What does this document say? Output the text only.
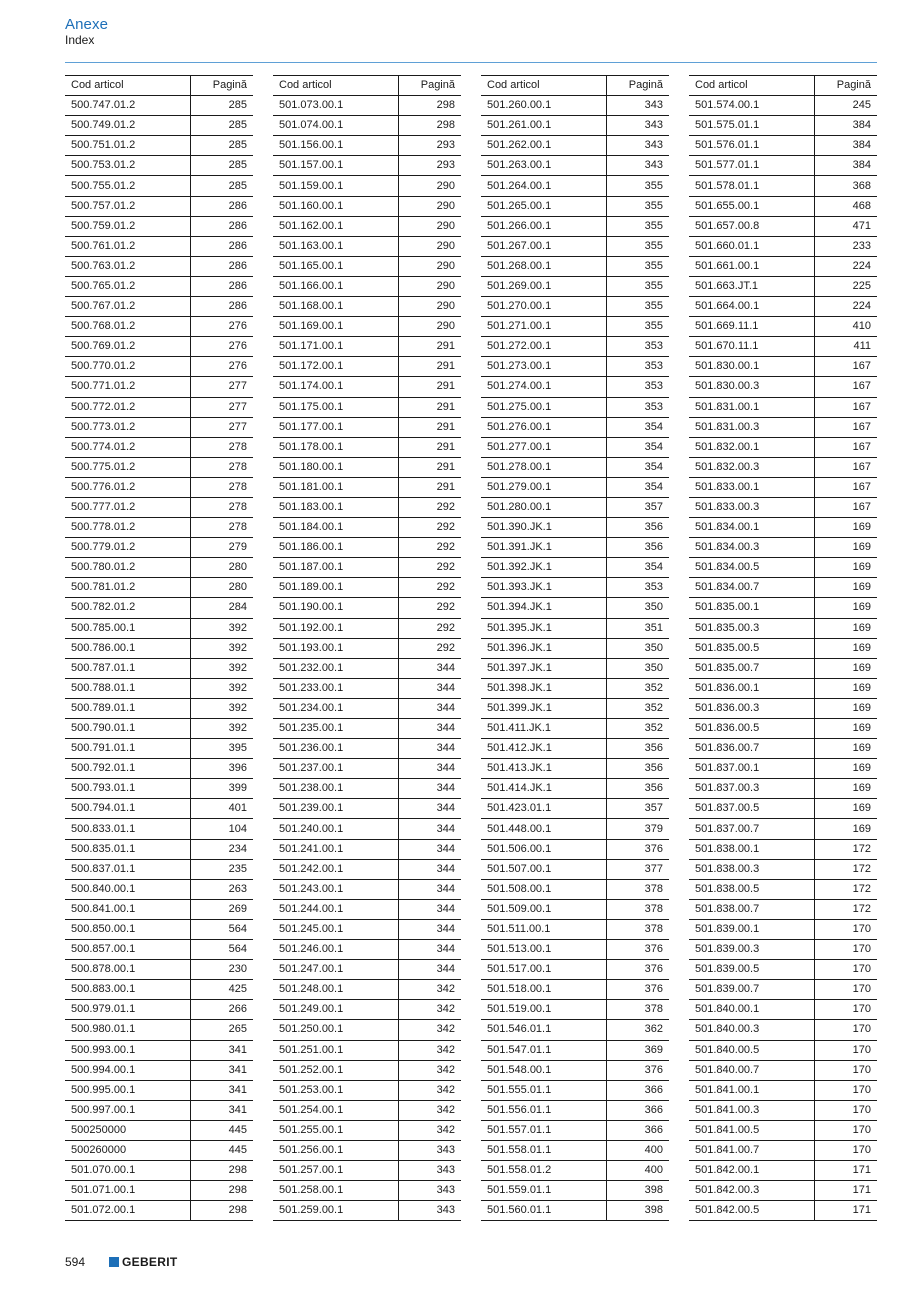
Anexe
Index
Cod articol	Pagină
500.747.01.2	285
500.749.01.2	285
500.751.01.2	285
500.753.01.2	285
500.755.01.2	285
500.757.01.2	286
500.759.01.2	286
500.761.01.2	286
500.763.01.2	286
500.765.01.2	286
500.767.01.2	286
500.768.01.2	276
500.769.01.2	276
500.770.01.2	276
500.771.01.2	277
500.772.01.2	277
500.773.01.2	277
500.774.01.2	278
500.775.01.2	278
500.776.01.2	278
500.777.01.2	278
500.778.01.2	278
500.779.01.2	279
500.780.01.2	280
500.781.01.2	280
500.782.01.2	284
500.785.00.1	392
500.786.00.1	392
500.787.01.1	392
500.788.01.1	392
500.789.01.1	392
500.790.01.1	392
500.791.01.1	395
500.792.01.1	396
500.793.01.1	399
500.794.01.1	401
500.833.01.1	104
500.835.01.1	234
500.837.01.1	235
500.840.00.1	263
500.841.00.1	269
500.850.00.1	564
500.857.00.1	564
500.878.00.1	230
500.883.00.1	425
500.979.01.1	266
500.980.01.1	265
500.993.00.1	341
500.994.00.1	341
500.995.00.1	341
500.997.00.1	341
500250000	445
500260000	445
501.070.00.1	298
501.071.00.1	298
501.072.00.1	298
Cod articol	Pagină
501.073.00.1	298
501.074.00.1	298
501.156.00.1	293
501.157.00.1	293
501.159.00.1	290
501.160.00.1	290
501.162.00.1	290
501.163.00.1	290
501.165.00.1	290
501.166.00.1	290
501.168.00.1	290
501.169.00.1	290
501.171.00.1	291
501.172.00.1	291
501.174.00.1	291
501.175.00.1	291
501.177.00.1	291
501.178.00.1	291
501.180.00.1	291
501.181.00.1	291
501.183.00.1	292
501.184.00.1	292
501.186.00.1	292
501.187.00.1	292
501.189.00.1	292
501.190.00.1	292
501.192.00.1	292
501.193.00.1	292
501.232.00.1	344
501.233.00.1	344
501.234.00.1	344
501.235.00.1	344
501.236.00.1	344
501.237.00.1	344
501.238.00.1	344
501.239.00.1	344
501.240.00.1	344
501.241.00.1	344
501.242.00.1	344
501.243.00.1	344
501.244.00.1	344
501.245.00.1	344
501.246.00.1	344
501.247.00.1	344
501.248.00.1	342
501.249.00.1	342
501.250.00.1	342
501.251.00.1	342
501.252.00.1	342
501.253.00.1	342
501.254.00.1	342
501.255.00.1	342
501.256.00.1	343
501.257.00.1	343
501.258.00.1	343
501.259.00.1	343
Cod articol	Pagină
501.260.00.1	343
501.261.00.1	343
501.262.00.1	343
501.263.00.1	343
501.264.00.1	355
501.265.00.1	355
501.266.00.1	355
501.267.00.1	355
501.268.00.1	355
501.269.00.1	355
501.270.00.1	355
501.271.00.1	355
501.272.00.1	353
501.273.00.1	353
501.274.00.1	353
501.275.00.1	353
501.276.00.1	354
501.277.00.1	354
501.278.00.1	354
501.279.00.1	354
501.280.00.1	357
501.390.JK.1	356
501.391.JK.1	356
501.392.JK.1	354
501.393.JK.1	353
501.394.JK.1	350
501.395.JK.1	351
501.396.JK.1	350
501.397.JK.1	350
501.398.JK.1	352
501.399.JK.1	352
501.411.JK.1	352
501.412.JK.1	356
501.413.JK.1	356
501.414.JK.1	356
501.423.01.1	357
501.448.00.1	379
501.506.00.1	376
501.507.00.1	377
501.508.00.1	378
501.509.00.1	378
501.511.00.1	378
501.513.00.1	376
501.517.00.1	376
501.518.00.1	376
501.519.00.1	378
501.546.01.1	362
501.547.01.1	369
501.548.00.1	376
501.555.01.1	366
501.556.01.1	366
501.557.01.1	366
501.558.01.1	400
501.558.01.2	400
501.559.01.1	398
501.560.01.1	398
Cod articol	Pagină
501.574.00.1	245
501.575.01.1	384
501.576.01.1	384
501.577.01.1	384
501.578.01.1	368
501.655.00.1	468
501.657.00.8	471
501.660.01.1	233
501.661.00.1	224
501.663.JT.1	225
501.664.00.1	224
501.669.11.1	410
501.670.11.1	411
501.830.00.1	167
501.830.00.3	167
501.831.00.1	167
501.831.00.3	167
501.832.00.1	167
501.832.00.3	167
501.833.00.1	167
501.833.00.3	167
501.834.00.1	169
501.834.00.3	169
501.834.00.5	169
501.834.00.7	169
501.835.00.1	169
501.835.00.3	169
501.835.00.5	169
501.835.00.7	169
501.836.00.1	169
501.836.00.3	169
501.836.00.5	169
501.836.00.7	169
501.837.00.1	169
501.837.00.3	169
501.837.00.5	169
501.837.00.7	169
501.838.00.1	172
501.838.00.3	172
501.838.00.5	172
501.838.00.7	172
501.839.00.1	170
501.839.00.3	170
501.839.00.5	170
501.839.00.7	170
501.840.00.1	170
501.840.00.3	170
501.840.00.5	170
501.840.00.7	170
501.841.00.1	170
501.841.00.3	170
501.841.00.5	170
501.841.00.7	170
501.842.00.1	171
501.842.00.3	171
501.842.00.5	171
594	GEBERIT
